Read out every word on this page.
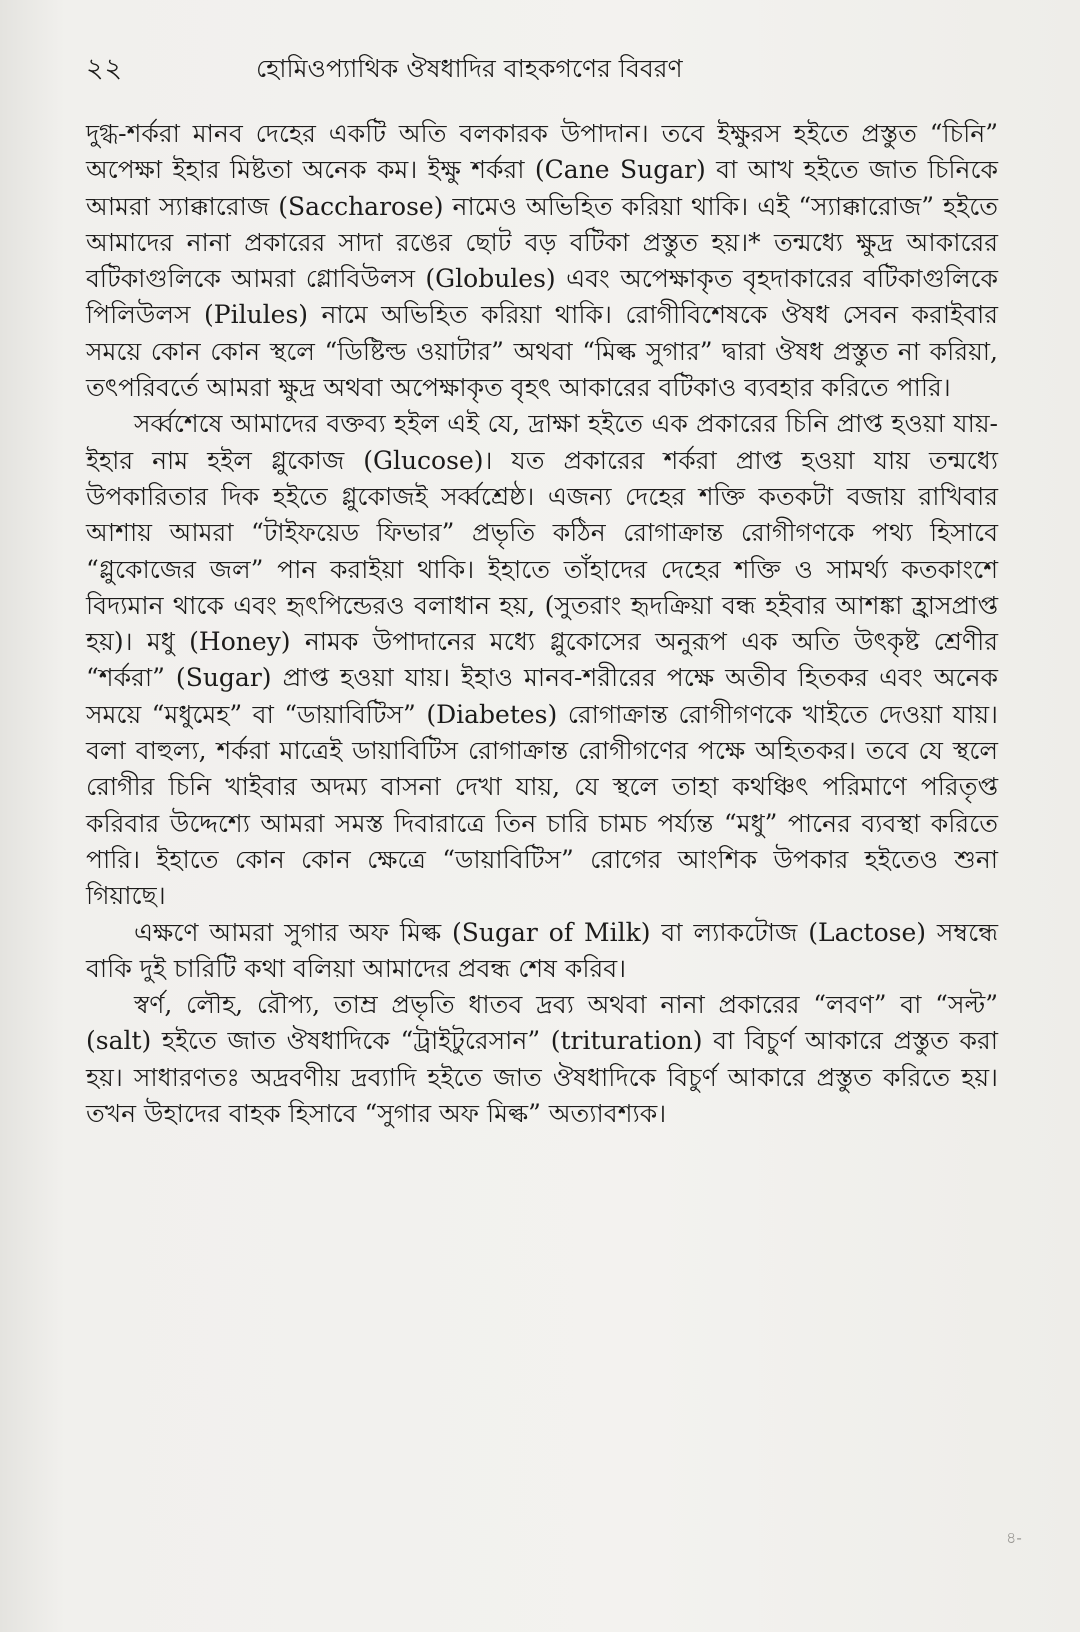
২২	হোমিওপ্যাথিক ঔষধাদির বাহকগণের বিবরণ

দুগ্ধ-শর্করা মানব দেহের একটি অতি বলকারক উপাদান। তবে ইক্ষুরস হইতে প্রস্তুত “চিনি” অপেক্ষা ইহার মিষ্টতা অনেক কম। ইক্ষু শর্করা (Cane Sugar) বা আখ হইতে জাত চিনিকে আমরা স্যাক্কারোজ (Saccharose) নামেও অভিহিত করিয়া থাকি। এই “স্যাক্কারোজ” হইতে আমাদের নানা প্রকারের সাদা রঙের ছোট বড় বটিকা প্রস্তুত হয়।* তন্মধ্যে ক্ষুদ্র আকারের বটিকাগুলিকে আমরা গ্লোবিউলস (Globules) এবং অপেক্ষাকৃত বৃহদাকারের বটিকাগুলিকে পিলিউলস (Pilules) নামে অভিহিত করিয়া থাকি। রোগীবিশেষকে ঔষধ সেবন করাইবার সময়ে কোন কোন স্থলে “ডিষ্টিল্ড ওয়াটার” অথবা “মিল্ক সুগার” দ্বারা ঔষধ প্রস্তুত না করিয়া, তৎপরিবর্তে আমরা ক্ষুদ্র অথবা অপেক্ষাকৃত বৃহৎ আকারের বটিকাও ব্যবহার করিতে পারি।

সর্ব্বশেষে আমাদের বক্তব্য হইল এই যে, দ্রাক্ষা হইতে এক প্রকারের চিনি প্রাপ্ত হওয়া যায়-ইহার নাম হইল গ্লুকোজ (Glucose)। যত প্রকারের শর্করা প্রাপ্ত হওয়া যায় তন্মধ্যে উপকারিতার দিক হইতে গ্লুকোজই সর্ব্বশ্রেষ্ঠ। এজন্য দেহের শক্তি কতকটা বজায় রাখিবার আশায় আমরা “টাইফয়েড ফিভার” প্রভৃতি কঠিন রোগাক্রান্ত রোগীগণকে পথ্য হিসাবে “গ্লুকোজের জল” পান করাইয়া থাকি। ইহাতে তাঁহাদের দেহের শক্তি ও সামর্থ্য কতকাংশে বিদ্যমান থাকে এবং হৃৎপিন্ডেরও বলাধান হয়, (সুতরাং হৃদক্রিয়া বন্ধ হইবার আশঙ্কা হ্রাসপ্রাপ্ত হয়)। মধু (Honey) নামক উপাদানের মধ্যে গ্লুকোসের অনুরূপ এক অতি উৎকৃষ্ট শ্রেণীর “শর্করা” (Sugar) প্রাপ্ত হওয়া যায়। ইহাও মানব-শরীরের পক্ষে অতীব হিতকর এবং অনেক সময়ে “মধুমেহ” বা “ডায়াবিটিস” (Diabetes) রোগাক্রান্ত রোগীগণকে খাইতে দেওয়া যায়। বলা বাহুল্য, শর্করা মাত্রেই ডায়াবিটিস রোগাক্রান্ত রোগীগণের পক্ষে অহিতকর। তবে যে স্থলে রোগীর চিনি খাইবার অদম্য বাসনা দেখা যায়, যে স্থলে তাহা কথঞ্চিৎ পরিমাণে পরিতৃপ্ত করিবার উদ্দেশ্যে আমরা সমস্ত দিবারাত্রে তিন চারি চামচ পর্য্যন্ত “মধু” পানের ব্যবস্থা করিতে পারি। ইহাতে কোন কোন ক্ষেত্রে “ডায়াবিটিস” রোগের আংশিক উপকার হইতেও শুনা গিয়াছে।

এক্ষণে আমরা সুগার অফ মিল্ক (Sugar of Milk) বা ল্যাকটোজ (Lactose) সম্বন্ধে বাকি দুই চারিটি কথা বলিয়া আমাদের প্রবন্ধ শেষ করিব।

স্বর্ণ, লৌহ, রৌপ্য, তাম্র প্রভৃতি ধাতব দ্রব্য অথবা নানা প্রকারের “লবণ” বা “সল্ট” (salt) হইতে জাত ঔষধাদিকে “ট্রাইটুরেসান” (trituration) বা বিচুর্ণ আকারে প্রস্তুত করা হয়। সাধারণতঃ অদ্রবণীয় দ্রব্যাদি হইতে জাত ঔষধাদিকে বিচুর্ণ আকারে প্রস্তুত করিতে হয়। তখন উহাদের বাহক হিসাবে “সুগার অফ মিল্ক” অত্যাবশ্যক।

৪-
